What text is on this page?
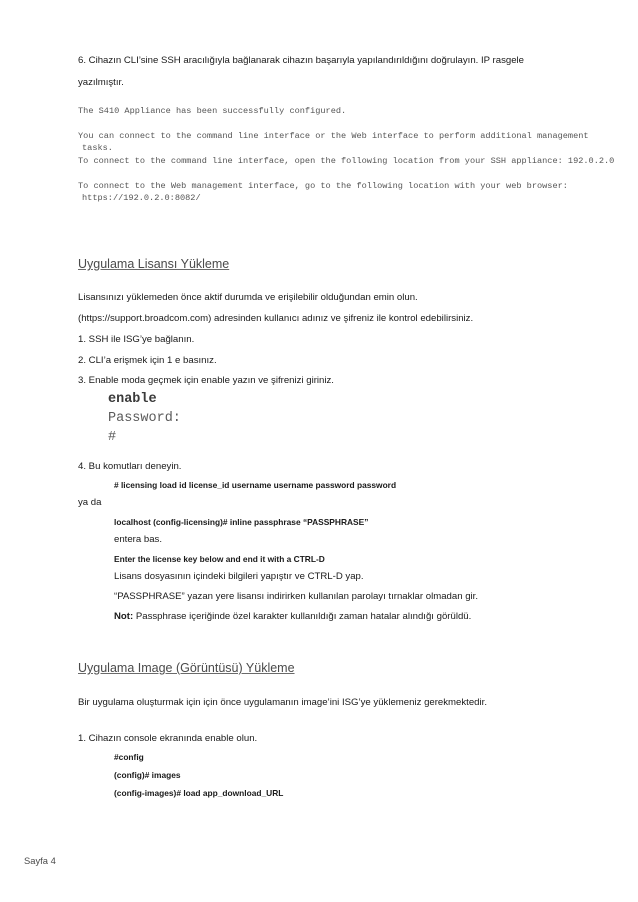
6. Cihazın CLI’sine SSH aracılığıyla bağlanarak cihazın başarıyla yapılandırıldığını doğrulayın. IP rasgele
yazılmıştır.
The S410 Appliance has been successfully configured.
You can connect to the command line interface or the Web interface to perform additional management
tasks.
To connect to the command line interface, open the following location from your SSH appliance: 192.0.2.0
To connect to the Web management interface, go to the following location with your web browser:
https://192.0.2.0:8082/
Uygulama Lisansı Yükleme
Lisansınızı yüklemeden önce aktif durumda ve erişilebilir olduğundan emin olun.
(https://support.broadcom.com) adresinden kullanıcı adınız ve şifreniz ile kontrol edebilirsiniz.
1. SSH ile ISG’ye bağlanın.
2. CLI’a erişmek için 1 e basınız.
3. Enable moda geçmek için enable yazın ve şifrenizi giriniz.
enable
Password:
#
4. Bu komutları deneyin.
# licensing load id license_id username username password password
ya da
localhost (config-licensing)# inline passphrase “PASSPHRASE”
entera bas.
Enter the license key below and end it with a CTRL-D
Lisans dosyasının içindeki bilgileri yapıştır ve CTRL-D yap.
“PASSPHRASE” yazan yere lisansı indirirken kullanılan parolayı tırnaklar olmadan gir.
Not: Passphrase içeriğinde özel karakter kullanıldığı zaman hatalar alındığı görüldü.
Uygulama Image (Görüntüsü) Yükleme
Bir uygulama oluşturmak için için önce uygulamanın image’ini ISG’ye yüklemeniz gerekmektedir.
1. Cihazın console ekranında enable olun.
#config
(config)# images
(config-images)# load app_download_URL
Sayfa 4
